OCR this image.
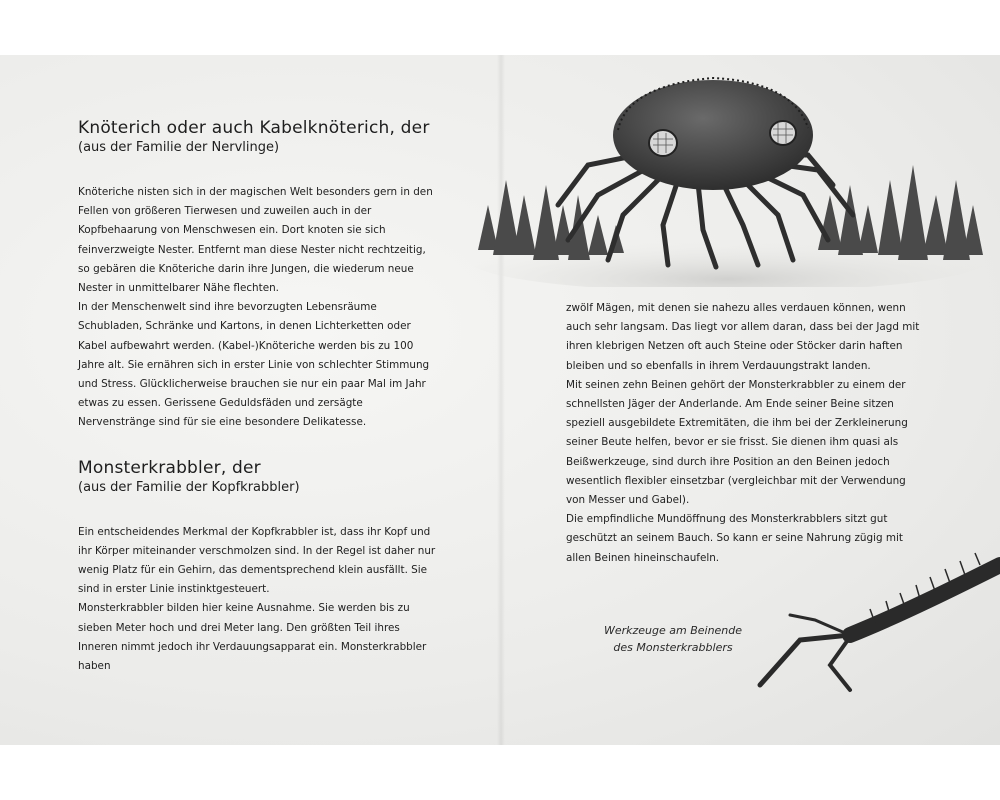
Knöterich oder auch Kabelknöterich, der

(aus der Familie der Nervlinge)

Knöteriche nisten sich in der magischen Welt besonders gern in den Fellen von größeren Tierwesen und zuweilen auch in der Kopfbehaarung von Menschwesen ein. Dort knoten sie sich feinverzweigte Nester. Entfernt man diese Nester nicht rechtzeitig, so gebären die Knöteriche darin ihre Jungen, die wiederum neue Nester in unmittelbarer Nähe flechten.

In der Menschenwelt sind ihre bevorzugten Lebensräume Schubladen, Schränke und Kartons, in denen Lichterketten oder Kabel aufbewahrt werden. (Kabel-)Knöteriche werden bis zu 100 Jahre alt. Sie ernähren sich in erster Linie von schlechter Stimmung und Stress. Glücklicherweise brauchen sie nur ein paar Mal im Jahr etwas zu essen. Gerissene Geduldsfäden und zersägte Nervenstränge sind für sie eine besondere Delikatesse.

Monsterkrabbler, der

(aus der Familie der Kopfkrabbler)

Ein entscheidendes Merkmal der Kopfkrabbler ist, dass ihr Kopf und ihr Körper miteinander verschmolzen sind. In der Regel ist daher nur wenig Platz für ein Gehirn, das dementsprechend klein ausfällt. Sie sind in erster Linie instinktgesteuert.

Monsterkrabbler bilden hier keine Ausnahme. Sie werden bis zu sieben Meter hoch und drei Meter lang. Den größten Teil ihres Inneren nimmt jedoch ihr Verdauungsapparat ein. Monsterkrabbler haben

zwölf Mägen, mit denen sie nahezu alles verdauen können, wenn auch sehr langsam. Das liegt vor allem daran, dass bei der Jagd mit ihren klebrigen Netzen oft auch Steine oder Stöcker darin haften bleiben und so ebenfalls in ihrem Verdauungstrakt landen.

Mit seinen zehn Beinen gehört der Monsterkrabbler zu einem der schnellsten Jäger der Anderlande. Am Ende seiner Beine sitzen speziell ausgebildete Extremitäten, die ihm bei der Zerkleinerung seiner Beute helfen, bevor er sie frisst. Sie dienen ihm quasi als Beißwerkzeuge, sind durch ihre Position an den Beinen jedoch wesentlich flexibler einsetzbar (vergleichbar mit der Verwendung von Messer und Gabel).

Die empfindliche Mundöffnung des Monsterkrabblers sitzt gut geschützt an seinem Bauch. So kann er seine Nahrung zügig mit allen Beinen hineinschaufeln.

Werkzeuge am Beinende
des Monsterkrabblers
